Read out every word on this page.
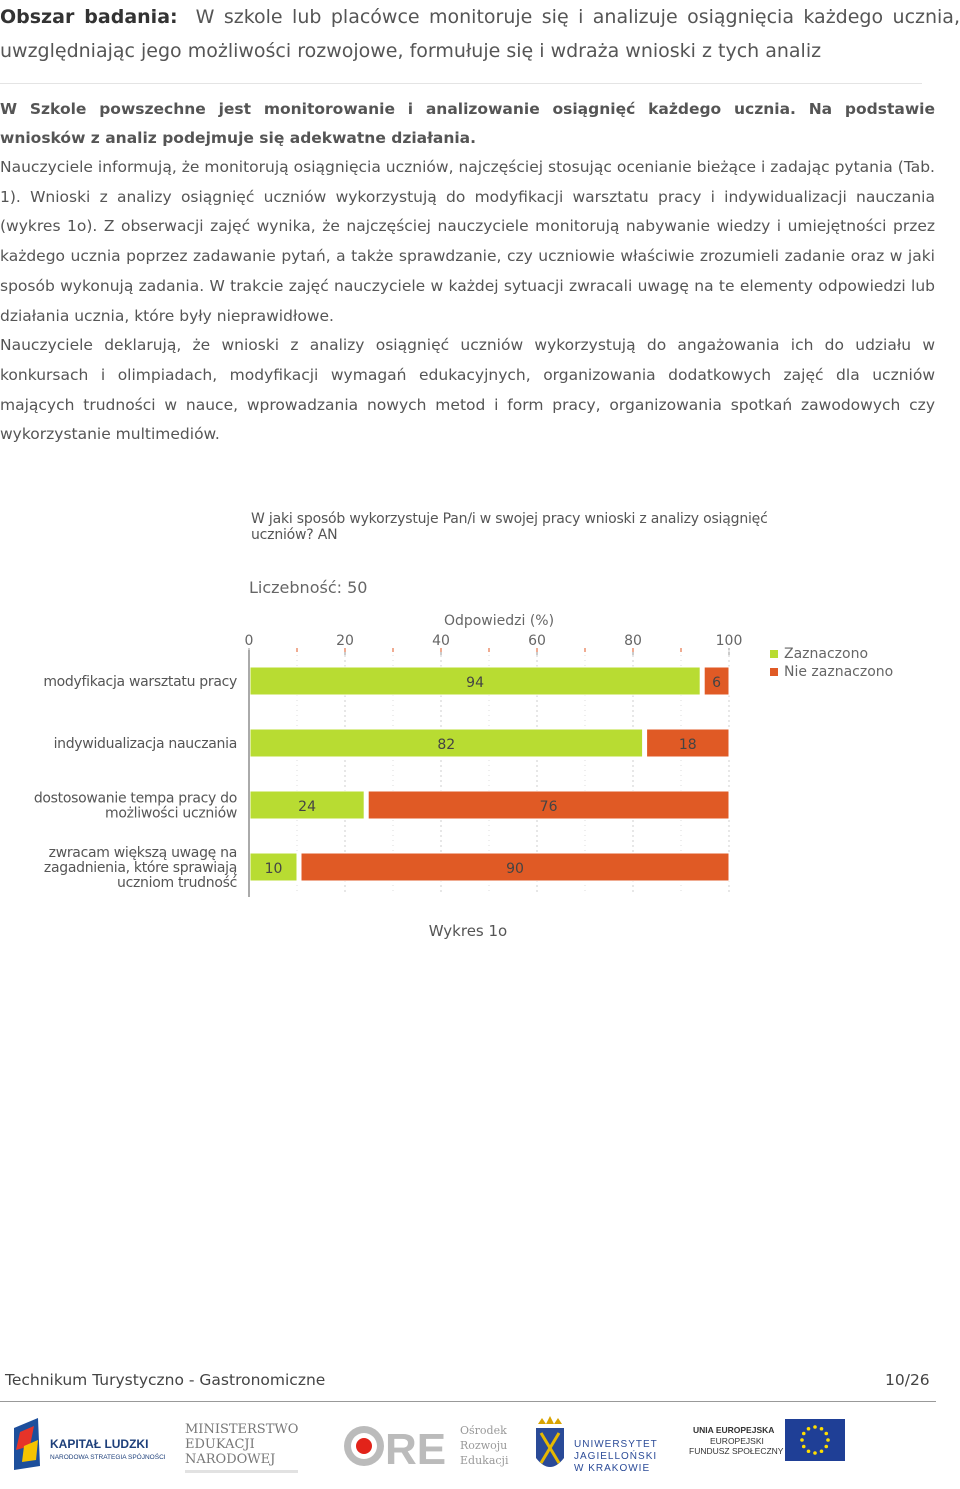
Obszar badania: W szkole lub placówce monitoruje się i analizuje osiągnięcia każdego ucznia, uwzględniając jego możliwości rozwojowe, formułuje się i wdraża wnioski z tych analiz
W Szkole powszechne jest monitorowanie i analizowanie osiągnięć każdego ucznia. Na podstawie wniosków z analiz podejmuje się adekwatne działania.

Nauczyciele informują, że monitorują osiągnięcia uczniów, najczęściej stosując ocenianie bieżące i zadając pytania (Tab. 1). Wnioski z analizy osiągnięć uczniów wykorzystują do modyfikacji warsztatu pracy i indywidualizacji nauczania (wykres 1o). Z obserwacji zajęć wynika, że najczęściej nauczyciele monitorują nabywanie wiedzy i umiejętności przez każdego ucznia poprzez zadawanie pytań, a także sprawdzanie, czy uczniowie właściwie zrozumieli zadanie oraz w jaki sposób wykonują zadania. W trakcie zajęć nauczyciele w każdej sytuacji zwracali uwagę na te elementy odpowiedzi lub działania ucznia, które były nieprawidłowe.

Nauczyciele deklarują, że wnioski z analizy osiągnięć uczniów wykorzystują do angażowania ich do udziału w konkursach i olimpiadach, modyfikacji wymagań edukacyjnych, organizowania dodatkowych zajęć dla uczniów mających trudności w nauce, wprowadzania nowych metod i form pracy, organizowania spotkań zawodowych czy wykorzystanie multimediów.

W jaki sposób wykorzystuje Pan/i w swojej pracy wnioski z analizy osiągnięć uczniów? AN
Liczebność: 50
Odpowiedzi (%)
0	20	40	60	80	100
modyfikacja warsztatu pracy
indywidualizacja nauczania
dostosowanie tempa pracy do
możliwości uczniów
zwracam większą uwagę na
zagadnienia, które sprawiają
uczniom trudność
94	6
82	18
24	76
10	90
Zaznaczono
Nie zaznaczono
Wykres 1o
Technikum Turystyczno - Gastronomiczne	10/26
KAPITAŁ LUDZKI
NARODOWA STRATEGIA SPÓJNOŚCI
MINISTERSTWO
EDUKACJI
NARODOWEJ RE Ośrodek
Rozwoju
Edukacji
UNIWERSYTET
JAGIELLOŃSKI
W KRAKOWIE
UNIA EUROPEJSKA
EUROPEJSKI
FUNDUSZ SPOŁECZNY
